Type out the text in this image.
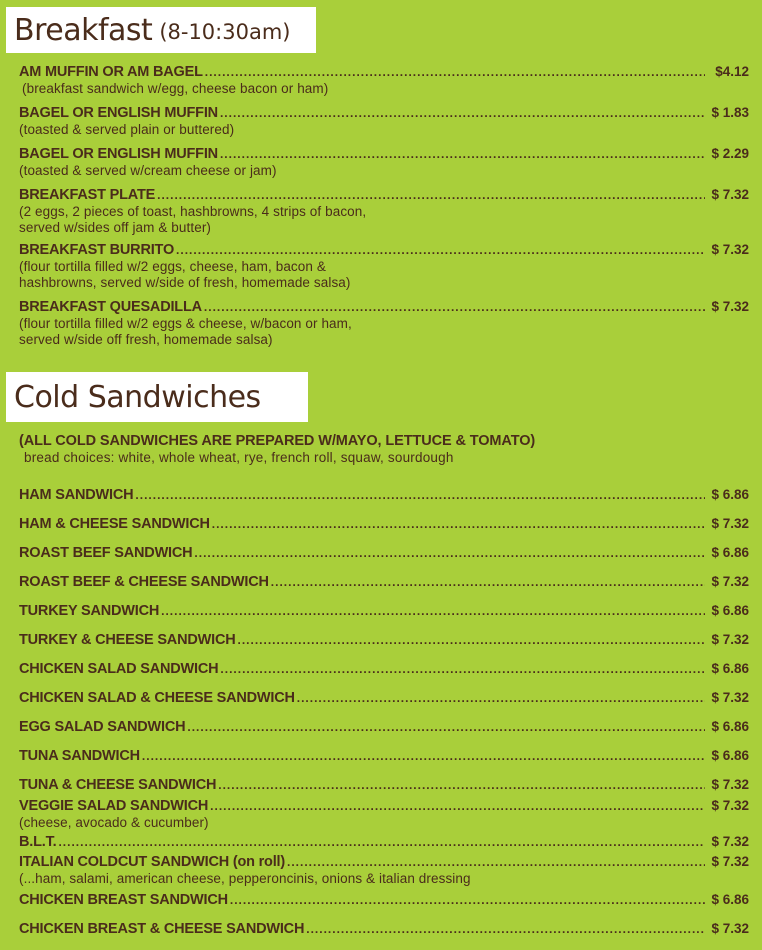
Breakfast (8-10:30am)
AM MUFFIN OR AM BAGEL .....	$4.12
(breakfast sandwich w/egg, cheese bacon or ham)
BAGEL OR ENGLISH MUFFIN .....	$ 1.83
(toasted & served plain or buttered)
BAGEL OR ENGLISH MUFFIN .....	$ 2.29
(toasted & served w/cream cheese or jam)
BREAKFAST PLATE .....	$ 7.32
(2 eggs, 2 pieces of toast, hashbrowns, 4 strips of bacon,
served w/sides off jam & butter)
BREAKFAST BURRITO .....	$ 7.32
(flour tortilla filled w/2 eggs, cheese, ham, bacon &
hashbrowns, served w/side of fresh, homemade salsa)
BREAKFAST QUESADILLA .....	$ 7.32
(flour tortilla filled w/2 eggs & cheese, w/bacon or ham,
served w/side off fresh, homemade salsa)
Cold Sandwiches
(ALL COLD SANDWICHES ARE PREPARED W/MAYO, LETTUCE & TOMATO)
bread choices: white, whole wheat, rye, french roll, squaw, sourdough
HAM SANDWICH .....	$ 6.86
HAM & CHEESE SANDWICH .....	$ 7.32
ROAST BEEF SANDWICH .....	$ 6.86
ROAST BEEF & CHEESE SANDWICH .....	$ 7.32
TURKEY SANDWICH .....	$ 6.86
TURKEY & CHEESE SANDWICH .....	$ 7.32
CHICKEN SALAD SANDWICH .....	$ 6.86
CHICKEN SALAD & CHEESE SANDWICH .....	$ 7.32
EGG SALAD SANDWICH .....	$ 6.86
TUNA SANDWICH .....	$ 6.86
TUNA & CHEESE SANDWICH .....	$ 7.32
VEGGIE SALAD SANDWICH .....	$ 7.32
(cheese, avocado & cucumber)
B.L.T. .....	$ 7.32
ITALIAN COLDCUT SANDWICH (on roll) .....	$ 7.32
(...ham, salami, american cheese, pepperoncinis, onions & italian dressing
CHICKEN BREAST SANDWICH .....	$ 6.86
CHICKEN BREAST & CHEESE SANDWICH .....	$ 7.32
